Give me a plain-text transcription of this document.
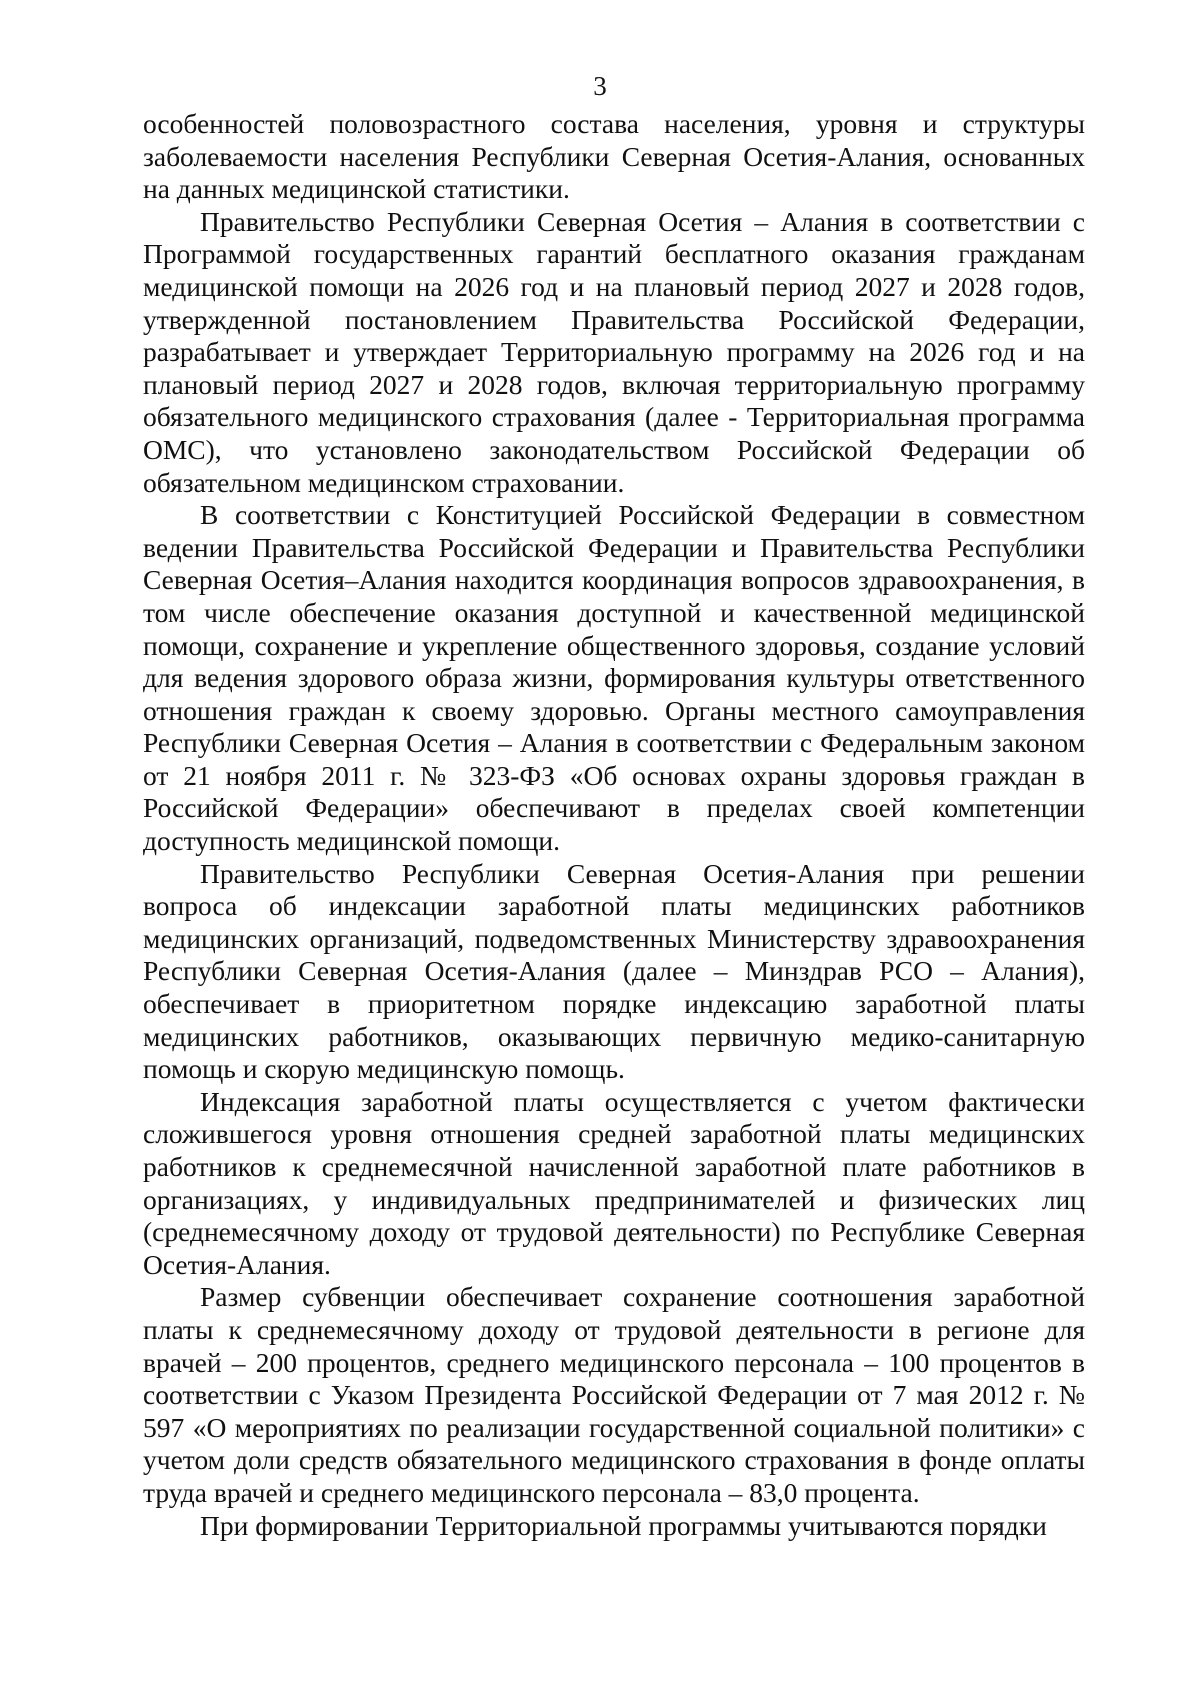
3

особенностей половозрастного состава населения, уровня и структуры заболеваемости населения Республики Северная Осетия-Алания, основанных на данных медицинской статистики.

Правительство Республики Северная Осетия – Алания в соответствии с Программой государственных гарантий бесплатного оказания гражданам медицинской помощи на 2026 год и на плановый период 2027 и 2028 годов, утвержденной постановлением Правительства Российской Федерации, разрабатывает и утверждает Территориальную программу на 2026 год и на плановый период 2027 и 2028 годов, включая территориальную программу обязательного медицинского страхования (далее - Территориальная программа ОМС), что установлено законодательством Российской Федерации об обязательном медицинском страховании.

В соответствии с Конституцией Российской Федерации в совместном ведении Правительства Российской Федерации и Правительства Республики Северная Осетия–Алания находится координация вопросов здравоохранения, в том числе обеспечение оказания доступной и качественной медицинской помощи, сохранение и укрепление общественного здоровья, создание условий для ведения здорового образа жизни, формирования культуры ответственного отношения граждан к своему здоровью. Органы местного самоуправления Республики Северная Осетия – Алания в соответствии с Федеральным законом от 21 ноября 2011 г. № 323-ФЗ «Об основах охраны здоровья граждан в Российской Федерации» обеспечивают в пределах своей компетенции доступность медицинской помощи.

Правительство Республики Северная Осетия-Алания при решении вопроса об индексации заработной платы медицинских работников медицинских организаций, подведомственных Министерству здравоохранения Республики Северная Осетия-Алания (далее – Минздрав РСО – Алания), обеспечивает в приоритетном порядке индексацию заработной платы медицинских работников, оказывающих первичную медико-санитарную помощь и скорую медицинскую помощь.

Индексация заработной платы осуществляется с учетом фактически сложившегося уровня отношения средней заработной платы медицинских работников к среднемесячной начисленной заработной плате работников в организациях, у индивидуальных предпринимателей и физических лиц (среднемесячному доходу от трудовой деятельности) по Республике Северная Осетия-Алания.

Размер субвенции обеспечивает сохранение соотношения заработной платы к среднемесячному доходу от трудовой деятельности в регионе для врачей – 200 процентов, среднего медицинского персонала – 100 процентов в соответствии с Указом Президента Российской Федерации от 7 мая 2012 г. № 597 «О мероприятиях по реализации государственной социальной политики» с учетом доли средств обязательного медицинского страхования в фонде оплаты труда врачей и среднего медицинского персонала – 83,0 процента.

При формировании Территориальной программы учитываются порядки
